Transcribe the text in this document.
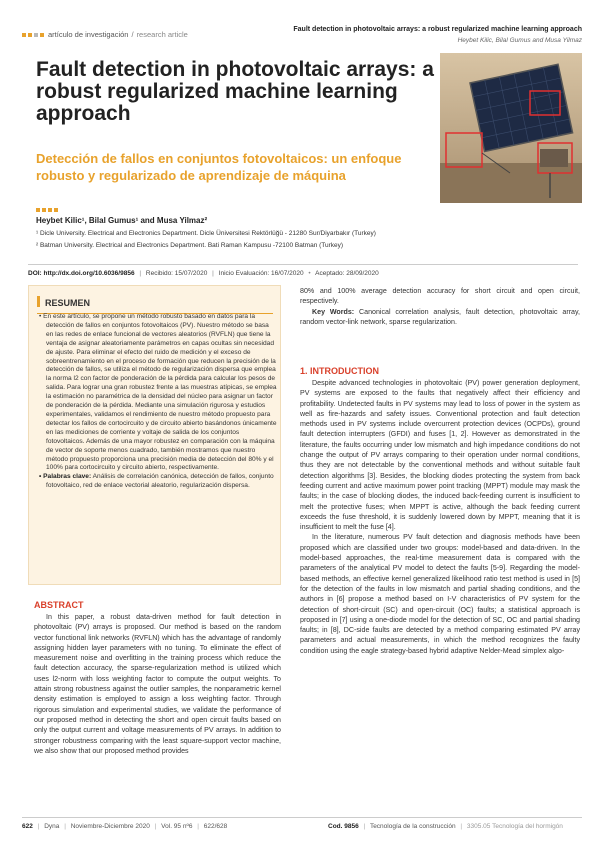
artículo de investigación / research article
Fault detection in photovoltaic arrays: a robust regularized machine learning approach
Heybet Kilic, Bilal Gumus and Musa Yilmaz
Fault detection in photovoltaic arrays: a robust regularized machine learning approach
Detección de fallos en conjuntos fotovoltaicos: un enfoque robusto y regularizado de aprendizaje de máquina
Heybet Kilic¹, Bilal Gumus¹ and Musa Yilmaz²
¹ Dicle University. Electrical and Electronics Department. Dicle Üniversitesi Rektörlüğü - 21280 Sur/Diyarbakır (Turkey)
² Batman University. Electrical and Electronics Department. Bati Raman Kampusu -72100 Batman (Turkey)
DOI: http://dx.doi.org/10.6036/9856 | Recibido: 15/07/2020 | Inicio Evaluación: 16/07/2020 • Aceptado: 28/09/2020
RESUMEN

• En este artículo, se propone un método robusto basado en datos para la detección de fallos en conjuntos fotovoltaicos (PV). Nuestro método se basa en las redes de enlace funcional de vectores aleatorios (RVFLN) que tiene la ventaja de asignar aleatoriamente parámetros en capas ocultas sin necesidad de ajuste. Para eliminar el efecto del ruido de medición y el exceso de sobreentrenamiento en el proceso de formación que reducen la precisión de la detección de fallos, se utiliza el método de regularización dispersa que emplea la norma l2 con factor de ponderación de la pérdida para calcular los pesos de salida. Para lograr una gran robustez frente a las muestras atípicas, se emplea la estimación no paramétrica de la densidad del núcleo para asignar un factor de ponderación de la pérdida. Mediante una simulación rigurosa y estudios experimentales, validamos el rendimiento de nuestro método propuesto para detectar los fallos de cortocircuito y de circuito abierto basándonos únicamente en las mediciones de corriente y voltaje de salida de los conjuntos fotovoltaicos. Además de una mayor robustez en comparación con la máquina de vector de soporte menos cuadrado, también mostramos que nuestro método propuesto proporciona una precisión media de detección del 80% y el 100% para cortocircuito y circuito abierto, respectivamente.

• Palabras clave: Análisis de correlación canónica, detección de fallos, conjunto fotovoltaico, red de enlace vectorial aleatorio, regularización dispersa.

ABSTRACT

In this paper, a robust data-driven method for fault detection in photovoltaic (PV) arrays is proposed. Our method is based on the random vector functional link networks (RVFLN) which has the advantage of randomly assigning hidden layer parameters with no tuning. To eliminate the effect of measurement noise and overfitting in the training process which reduce the fault detection accuracy, the sparse-regularization method is utilized which uses l2-norm with loss weighting factor to compute the output weights. To attain strong robustness against the outlier samples, the nonparametric kernel density estimation is employed to assign a loss weighting factor. Through rigorous simulation and experimental studies, we validate the performance of our proposed method in detecting the short and open circuit faults based on only the output current and voltage measurements of PV arrays. In addition to stronger robustness comparing with the least square-support vector machine, we also show that our proposed method provides

80% and 100% average detection accuracy for short circuit and open circuit, respectively.
Key Words: Canonical correlation analysis, fault detection, photovoltaic array, random vector-link network, sparse regularization.
1. INTRODUCTION

Despite advanced technologies in photovoltaic (PV) power generation deployment, PV systems are exposed to the faults that negatively affect their efficiency and profitability. Undetected faults in PV systems may lead to loss of power in the system as well as fire-hazards and safety issues. Conventional protection and fault detection methods used in PV systems include overcurrent protection devices (OCPDs), ground fault detection interrupters (GFDI) and fuses [1, 2]. However as demonstrated in the literature, the faults occurring under low mismatch and high impedance conditions do not change the output of PV arrays comparing to their operation under normal conditions, thus they are not detectable by the conventional methods and without suitable fault detection algorithms [3]. Besides, the blocking diodes protecting the system from back feeding current and active maximum power point tracking (MPPT) module may mask the faults; in the case of blocking diodes, the induced back-feeding current is insufficient to melt the protective fuses; when MPPT is active, although the back feeding current exceeds the fuse threshold, it is suddenly lowered down by MPPT, meaning that it is insufficient to melt the fuse [4].

In the literature, numerous PV fault detection and diagnosis methods have been proposed which are classified under two groups: model-based and data-driven. In the model-based approaches, the real-time measurement data is compared with the parameters of the analytical PV model to detect the faults [5-9]. Regarding the model-based methods, an effective kernel generalized likelihood ratio test method is used in [5] for the detection of the faults in low mismatch and partial shading conditions, and the authors in [6] propose a method based on I-V characteristics of PV system for the detection of short-circuit (SC) and open-circuit (OC) faults; a statistical approach is proposed in [7] using a one-diode model for the detection of SC, OC and partial shading faults; in [8], DC-side faults are detected by a method comparing estimated PV array parameters and actual measurements, in which the method recognizes the faulty condition using the eagle strategy-based hybrid adaptive Nelder-Mead simplex algo-

622 | Dyna | Noviembre-Diciembre 2020 | Vol. 95 nº6 | 622/628	Cod. 9856 | Tecnología de la construcción | 3305.05 Tecnología del hormigón
